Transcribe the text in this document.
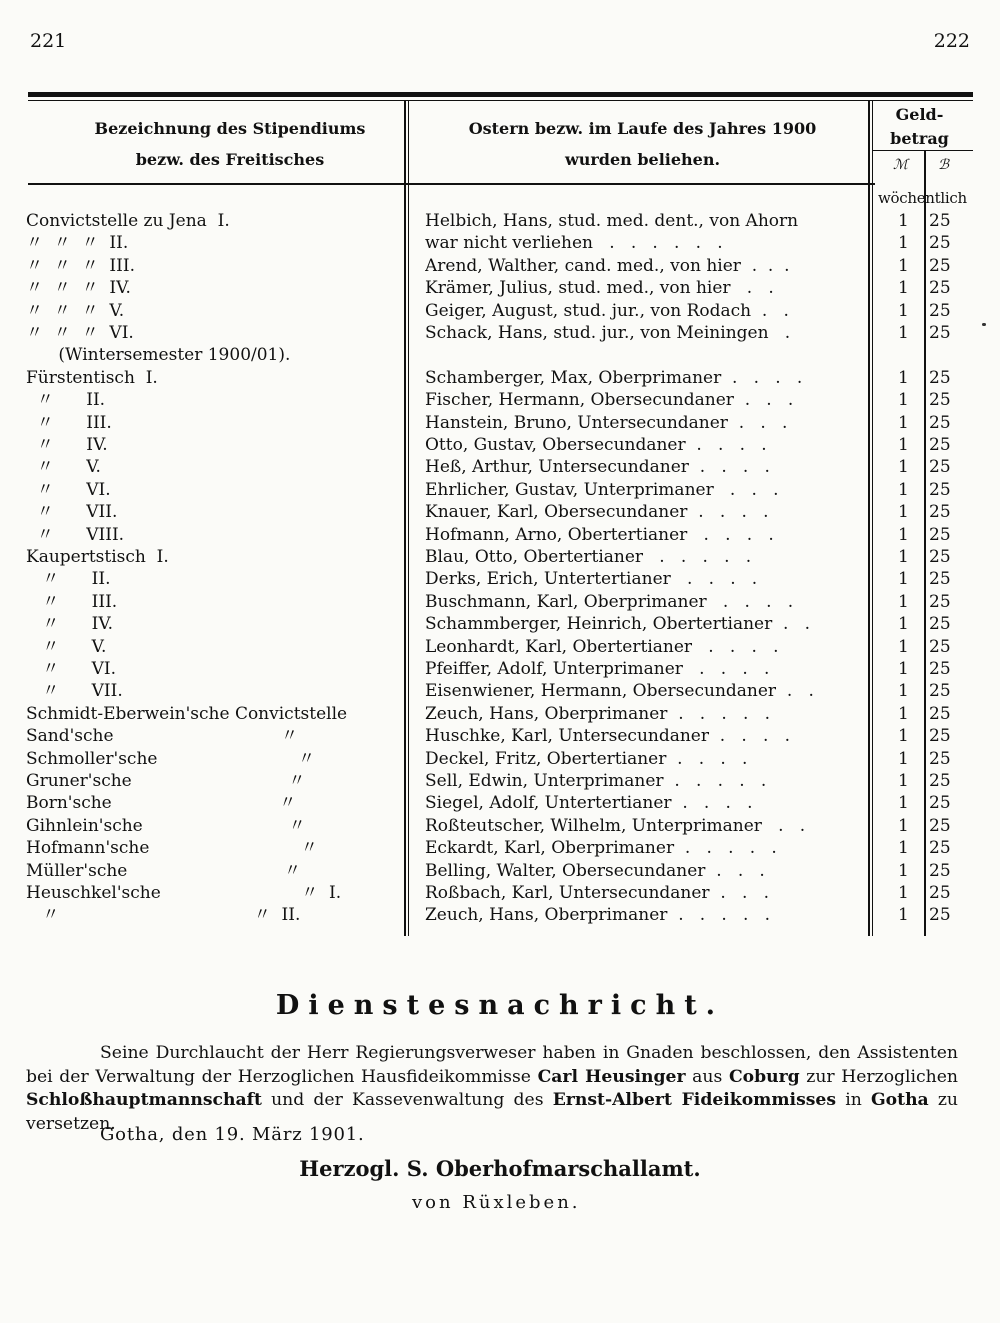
221	222
Bezeichnung des Stipendiums
bezw. des Freitisches
Ostern bezw. im Laufe des Jahres 1900
wurden beliehen.
Geld-
betrag
ℳ ℬ
wöchentlich
Convictstelle zu Jena  I.	Helbich, Hans, stud. med. dent., von Ahorn	1 25
〃  〃  〃  II.	war nicht verliehen   .   .   .   .   .   .	1 25
〃  〃  〃  III.	Arend, Walther, cand. med., von hier  .  .  .	1 25
〃  〃  〃  IV.	Krämer, Julius, stud. med., von hier   .   .	1 25
〃  〃  〃  V.	Geiger, August, stud. jur., von Rodach  .   .	1 25
〃  〃  〃  VI.	Schack, Hans, stud. jur., von Meiningen   .	1 25
(Wintersemester 1900/01).
Fürstentisch  I.	Schamberger, Max, Oberprimaner  .   .   .   .	1 25
〃      II.	Fischer, Hermann, Obersecundaner  .   .   .	1 25
〃      III.	Hanstein, Bruno, Untersecundaner  .   .   .	1 25
〃      IV.	Otto, Gustav, Obersecundaner  .   .   .   .	1 25
〃      V.	Heß, Arthur, Untersecundaner  .   .   .   .	1 25
〃      VI.	Ehrlicher, Gustav, Unterprimaner   .   .   .	1 25
〃      VII.	Knauer, Karl, Obersecundaner  .   .   .   .	1 25
〃      VIII.	Hofmann, Arno, Obertertianer   .   .   .   .	1 25
Kaupertstisch  I.	Blau, Otto, Obertertianer   .   .   .   .   .	1 25
〃      II.	Derks, Erich, Untertertianer   .   .   .   .	1 25
〃      III.	Buschmann, Karl, Oberprimaner   .   .   .   .	1 25
〃      IV.	Schammberger, Heinrich, Obertertianer  .   .	1 25
〃      V.	Leonhardt, Karl, Obertertianer   .   .   .   .	1 25
〃      VI.	Pfeiffer, Adolf, Unterprimaner   .   .   .   .	1 25
〃      VII.	Eisenwiener, Hermann, Obersecundaner  .   .	1 25
Schmidt-Eberwein'sche Convictstelle	Zeuch, Hans, Oberprimaner  .   .   .   .   .	1 25
Sand'sche                               〃	Huschke, Karl, Untersecundaner  .   .   .   .	1 25
Schmoller'sche                          〃	Deckel, Fritz, Obertertianer  .   .   .   .	1 25
Gruner'sche                             〃	Sell, Edwin, Unterprimaner  .   .   .   .   .	1 25
Born'sche                               〃	Siegel, Adolf, Untertertianer  .   .   .   .	1 25
Gihnlein'sche                           〃	Roßteutscher, Wilhelm, Unterprimaner   .   .	1 25
Hofmann'sche                            〃	Eckardt, Karl, Oberprimaner  .   .   .   .   .	1 25
Müller'sche                             〃	Belling, Walter, Obersecundaner  .   .   .	1 25
Heuschkel'sche                          〃  I.	Roßbach, Karl, Untersecundaner  .   .   .	1 25
〃                                    〃  II.	Zeuch, Hans, Oberprimaner  .   .   .   .   .	1 25
Dienstesnachricht.
Seine Durchlaucht der Herr Regierungsverweser haben in Gnaden beschlossen, den Assistenten bei der Verwaltung der Herzoglichen Hausfideikommisse Carl Heusinger aus Coburg zur Herzoglichen Schloßhauptmannschaft und der Kassevenwaltung des Ernst-Albert Fideikommisses in Gotha zu versetzen.
Gotha, den 19. März 1901.
Herzogl. S. Oberhofmarschallamt.
von Rüxleben.
